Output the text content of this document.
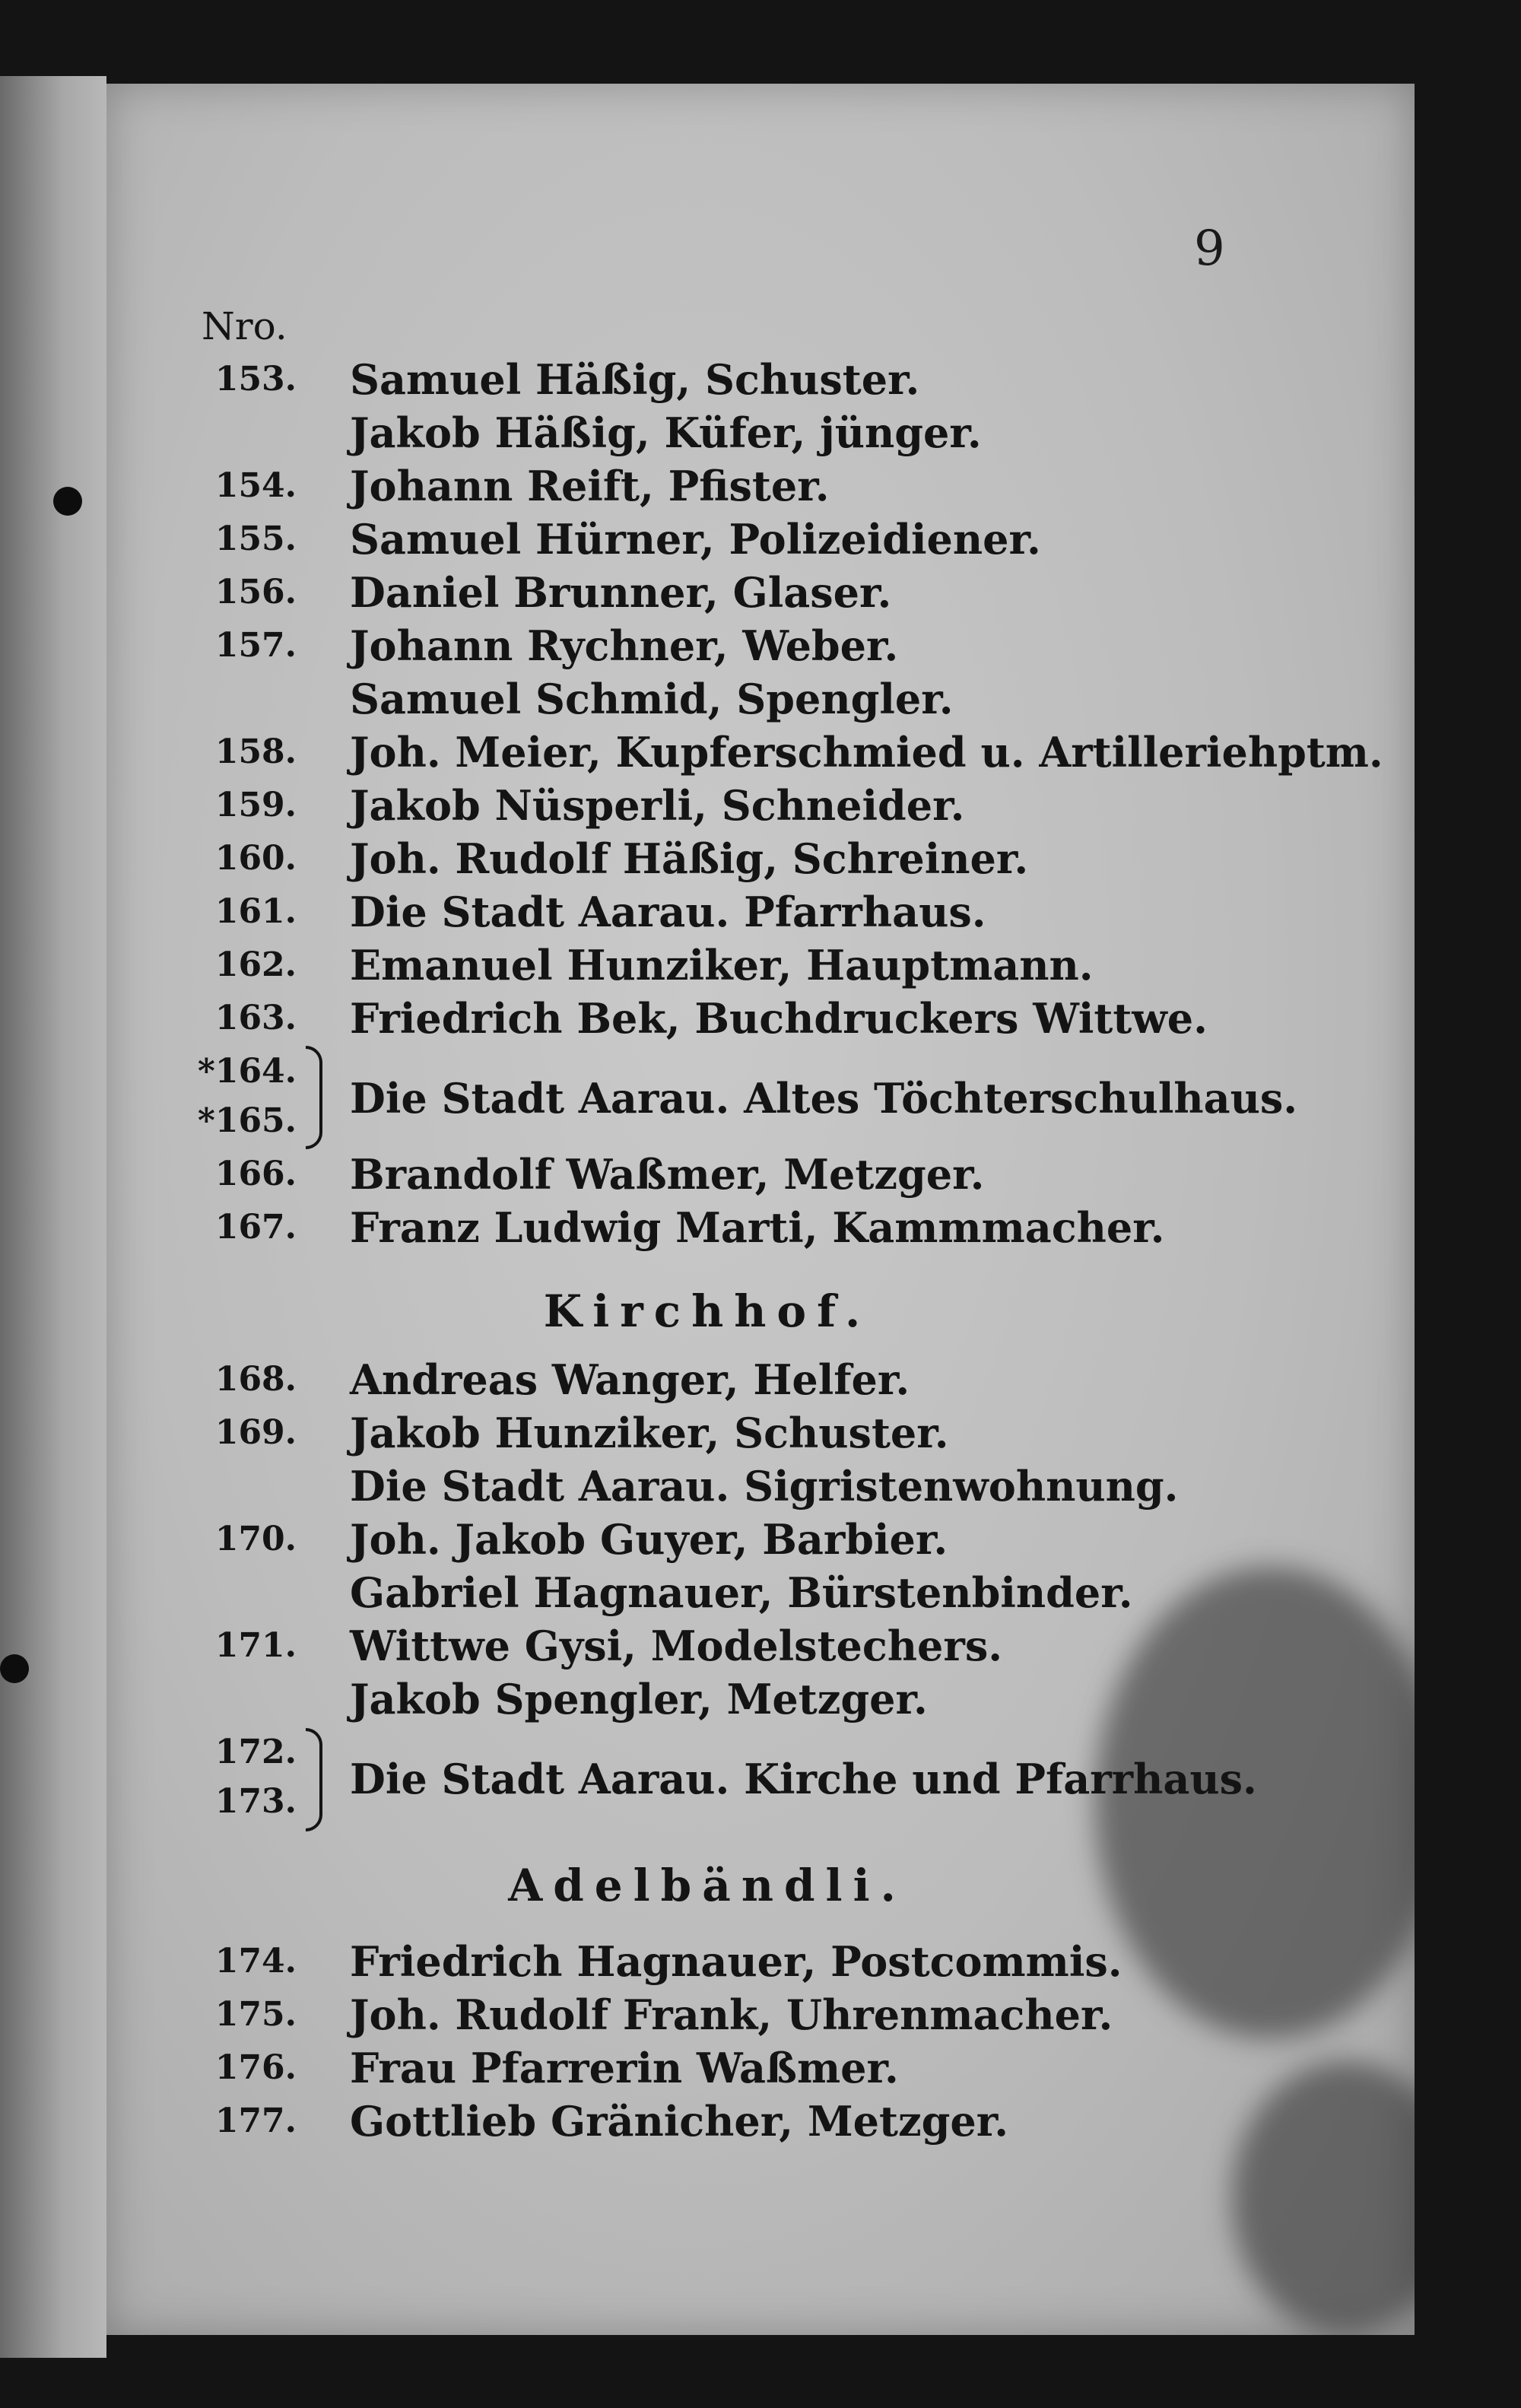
9
Nro.
153. Samuel Häßig, Schuster.
Jakob Häßig, Küfer, jünger.
154. Johann Reift, Pfister.
155. Samuel Hürner, Polizeidiener.
156. Daniel Brunner, Glaser.
157. Johann Rychner, Weber.
Samuel Schmid, Spengler.
158. Joh. Meier, Kupferschmied u. Artilleriehptm.
159. Jakob Nüsperli, Schneider.
160. Joh. Rudolf Häßig, Schreiner.
161. Die Stadt Aarau. Pfarrhaus.
162. Emanuel Hunziker, Hauptmann.
163. Friedrich Bek, Buchdruckers Wittwe.
*164.
*165. Die Stadt Aarau. Altes Töchterschulhaus.
166. Brandolf Waßmer, Metzger.
167. Franz Ludwig Marti, Kammmacher.
Kirchhof.
168. Andreas Wanger, Helfer.
169. Jakob Hunziker, Schuster.
Die Stadt Aarau. Sigristenwohnung.
170. Joh. Jakob Guyer, Barbier.
Gabriel Hagnauer, Bürstenbinder.
171. Wittwe Gysi, Modelstechers.
Jakob Spengler, Metzger.
172.
173. Die Stadt Aarau. Kirche und Pfarrhaus.
Adelbändli.
174. Friedrich Hagnauer, Postcommis.
175. Joh. Rudolf Frank, Uhrenmacher.
176. Frau Pfarrerin Waßmer.
177. Gottlieb Gränicher, Metzger.
